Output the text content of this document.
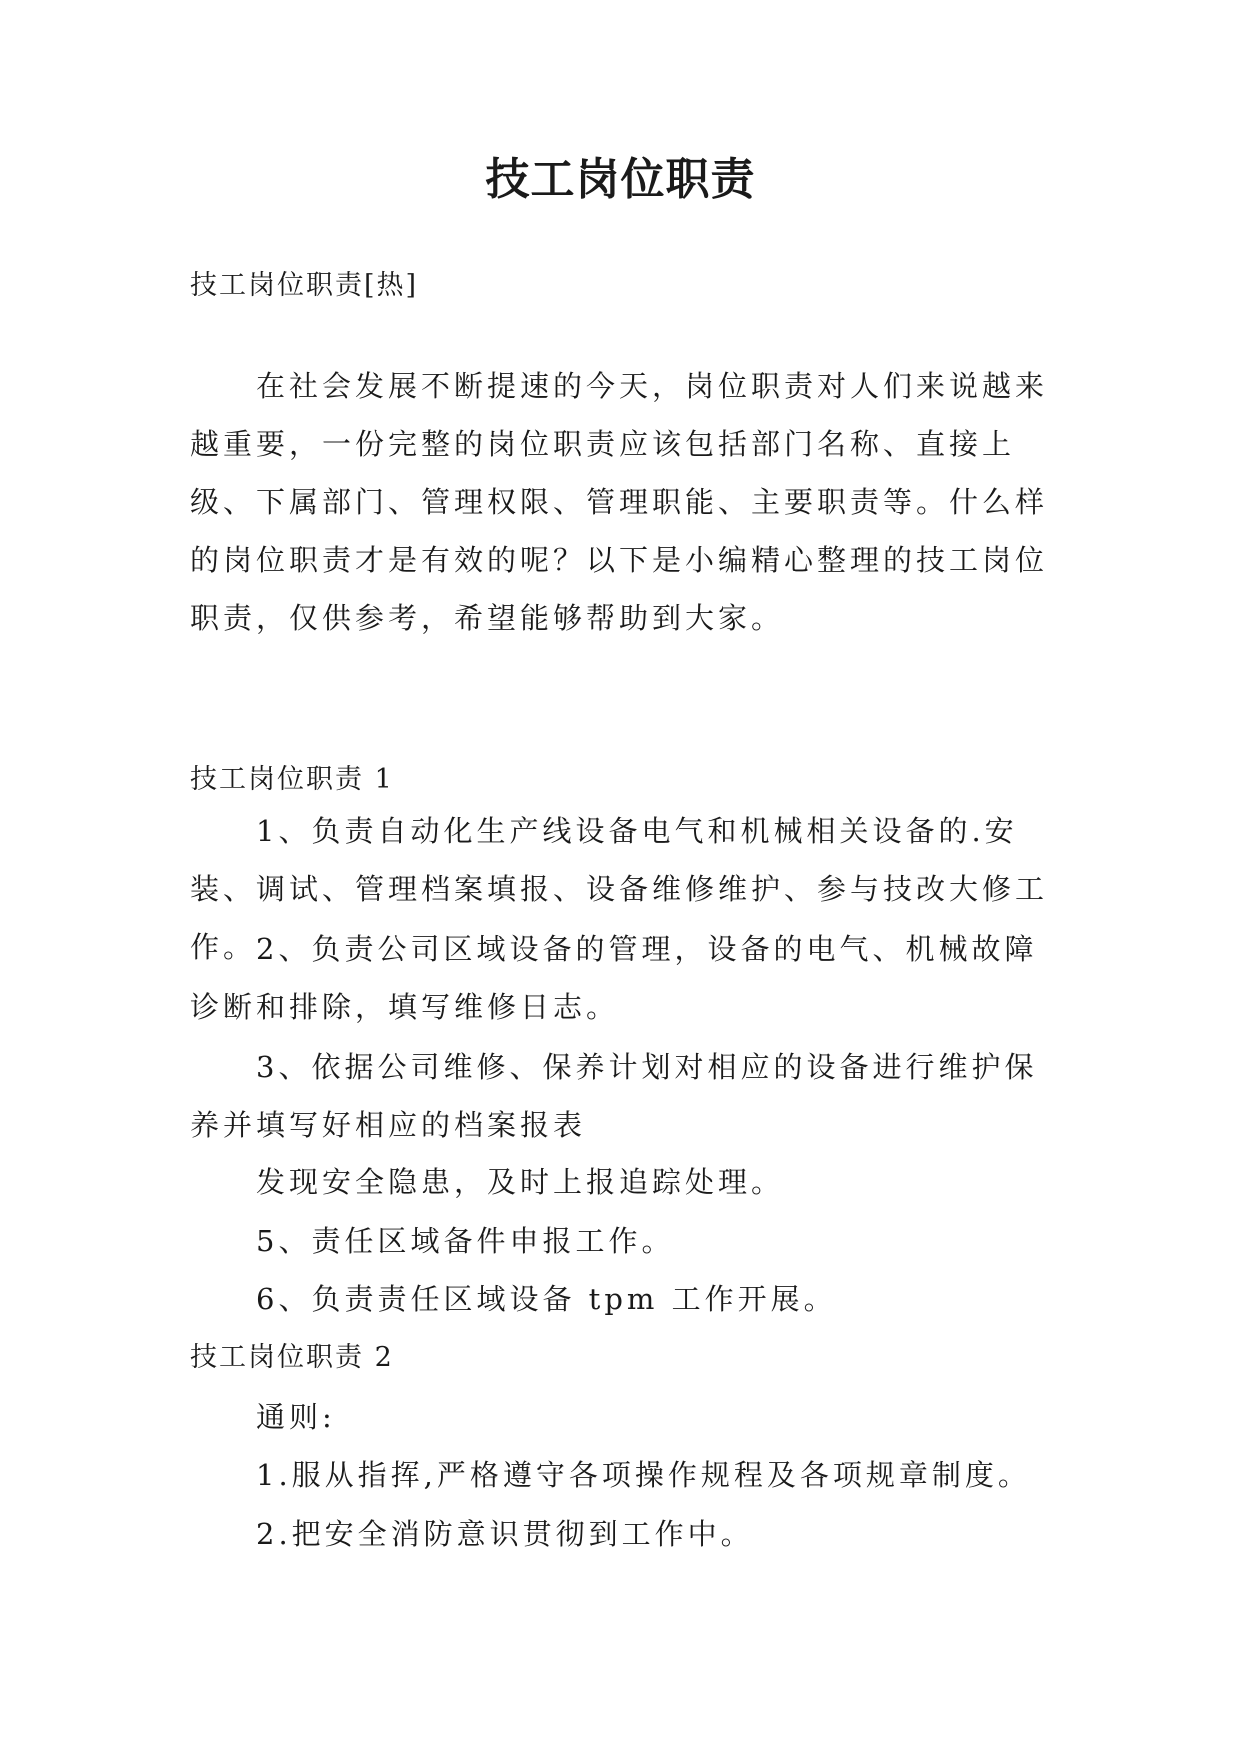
技工岗位职责
技工岗位职责[热]

在社会发展不断提速的今天，岗位职责对人们来说越来越重要，一份完整的岗位职责应该包括部门名称、直接上级、下属部门、管理权限、管理职能、主要职责等。什么样的岗位职责才是有效的呢？以下是小编精心整理的技工岗位职责，仅供参考，希望能够帮助到大家。

技工岗位职责 1

1、负责自动化生产线设备电气和机械相关设备的.安装、调试、管理档案填报、设备维修维护、参与技改大修工作。 2、负责公司区域设备的管理，设备的电气、机械故障诊断和排除，填写维修日志。

3、依据公司维修、保养计划对相应的设备进行维护保养并填写好相应的档案报表

发现安全隐患，及时上报追踪处理。
5、责任区域备件申报工作。
6、负责责任区域设备 tpm 工作开展。
技工岗位职责 2
通则:
1.服从指挥,严格遵守各项操作规程及各项规章制度。
2.把安全消防意识贯彻到工作中。
